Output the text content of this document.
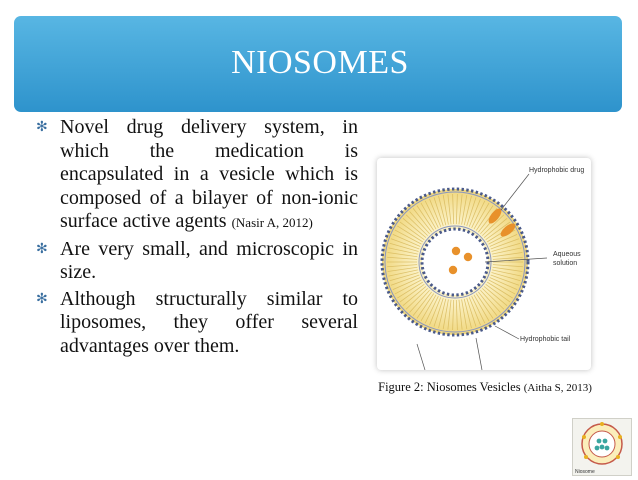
NIOSOMES
✻ Novel drug delivery system, in which the medication is encapsulated in a vesicle which is composed of a bilayer of non-ionic surface active agents (Nasir A, 2012)
✻ Are very small, and microscopic in size.
✻ Although structurally similar to liposomes, they offer several advantages over them.
Hydrophobic drug
Aqueous
solution
Hydrophobic tail
Figure 2: Niosomes Vesicles (Aitha S, 2013)
Niosome
